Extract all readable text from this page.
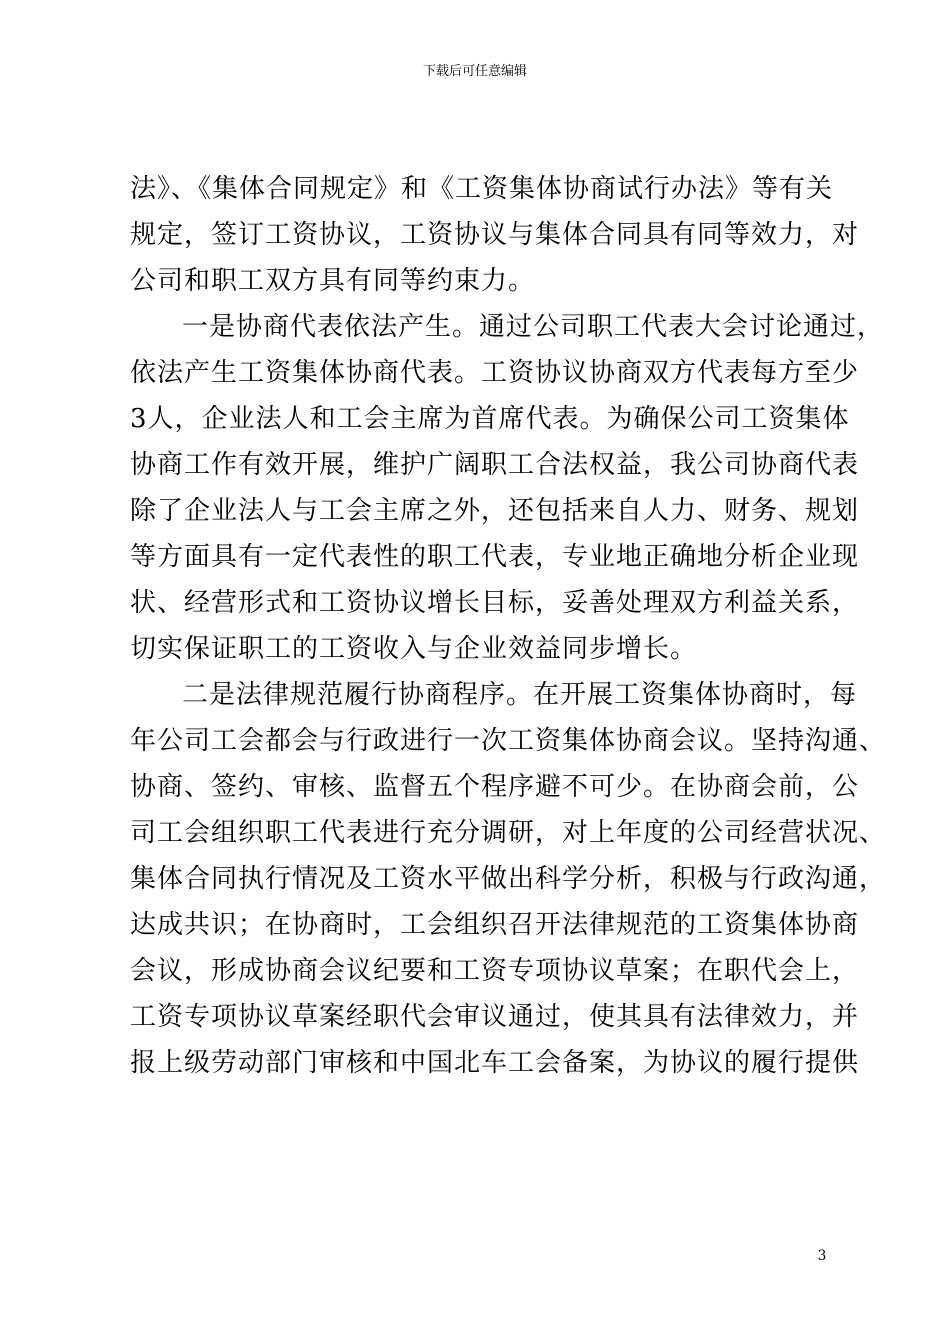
下载后可任意编辑
法》、《集体合同规定》和《工资集体协商试行办法》等有关
规定，签订工资协议，工资协议与集体合同具有同等效力，对
公司和职工双方具有同等约束力。
一是协商代表依法产生。通过公司职工代表大会讨论通过，
依法产生工资集体协商代表。工资协议协商双方代表每方至少
3人，企业法人和工会主席为首席代表。为确保公司工资集体
协商工作有效开展，维护广阔职工合法权益，我公司协商代表
除了企业法人与工会主席之外，还包括来自人力、财务、规划
等方面具有一定代表性的职工代表，专业地正确地分析企业现
状、经营形式和工资协议增长目标，妥善处理双方利益关系，
切实保证职工的工资收入与企业效益同步增长。
二是法律规范履行协商程序。在开展工资集体协商时，每
年公司工会都会与行政进行一次工资集体协商会议。坚持沟通、
协商、签约、审核、监督五个程序避不可少。在协商会前，公
司工会组织职工代表进行充分调研，对上年度的公司经营状况、
集体合同执行情况及工资水平做出科学分析，积极与行政沟通，
达成共识；在协商时，工会组织召开法律规范的工资集体协商
会议，形成协商会议纪要和工资专项协议草案；在职代会上，
工资专项协议草案经职代会审议通过，使其具有法律效力，并
报上级劳动部门审核和中国北车工会备案，为协议的履行提供
3
